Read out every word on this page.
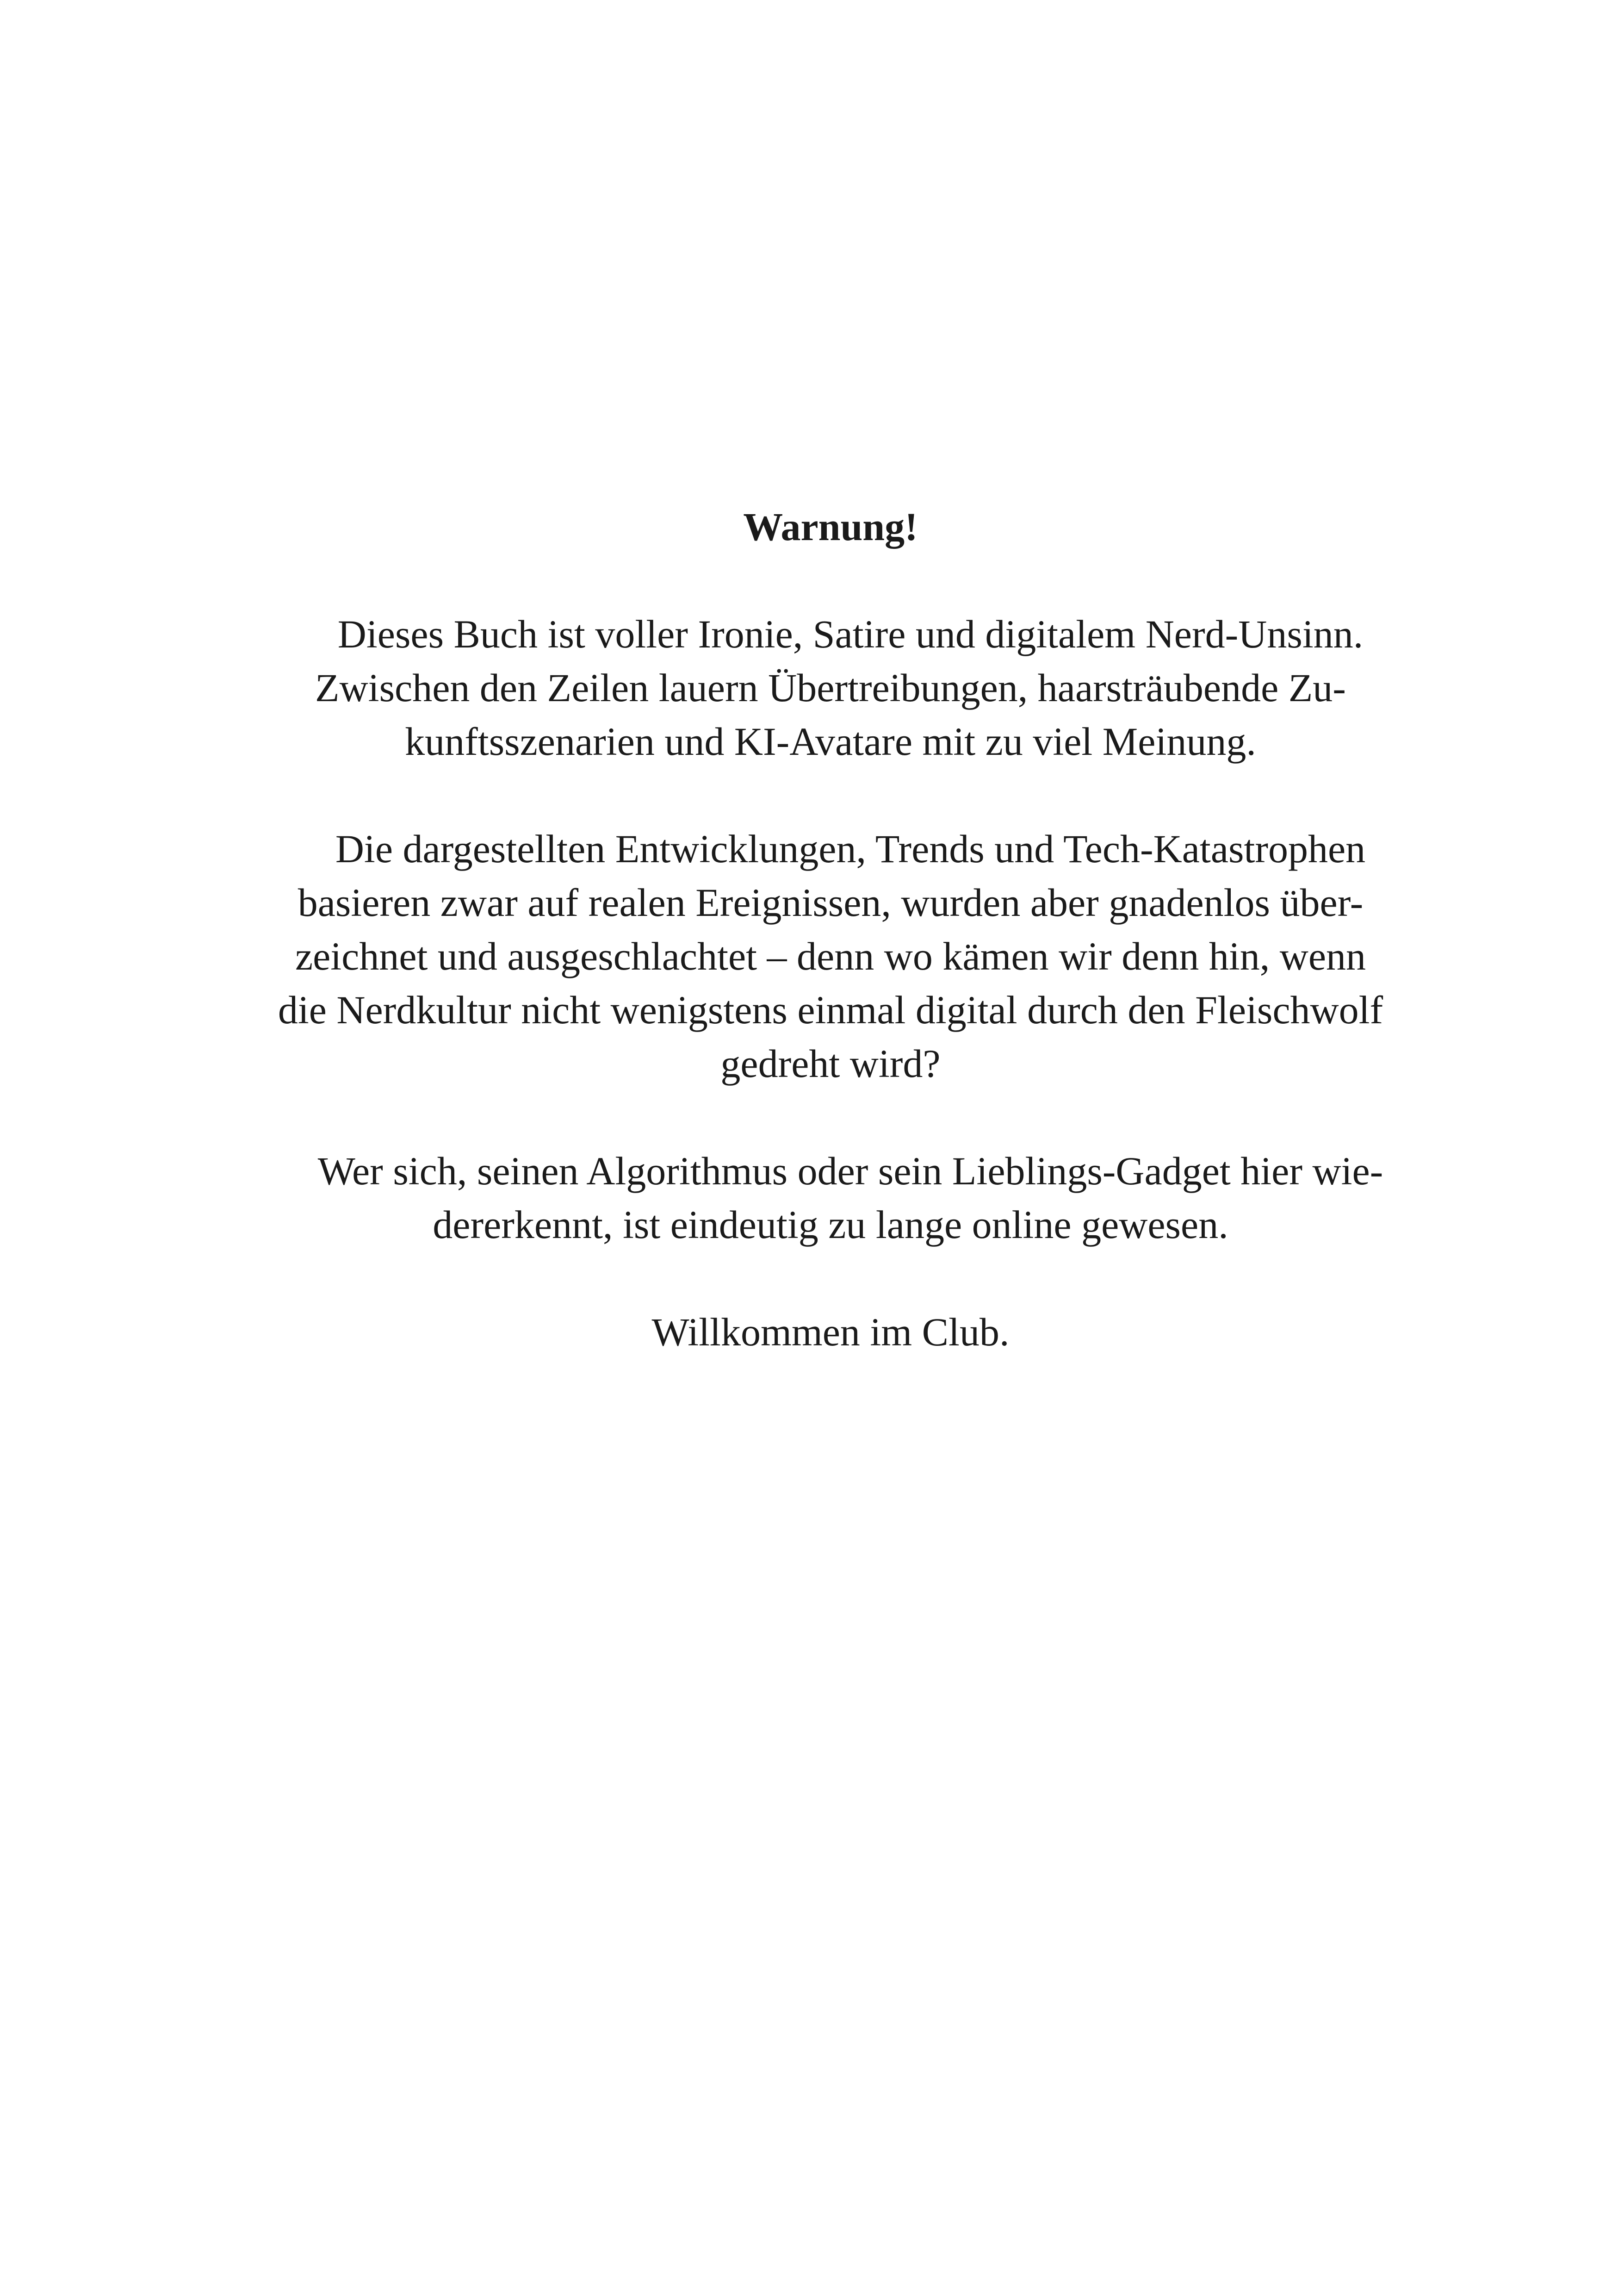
Warnung!
Dieses Buch ist voller Ironie, Satire und digitalem Nerd-Unsinn.
Zwischen den Zeilen lauern Übertreibungen, haarsträubende Zu-
kunftsszenarien und KI-Avatare mit zu viel Meinung.
Die dargestellten Entwicklungen, Trends und Tech-Katastrophen
basieren zwar auf realen Ereignissen, wurden aber gnadenlos über-
zeichnet und ausgeschlachtet – denn wo kämen wir denn hin, wenn
die Nerdkultur nicht wenigstens einmal digital durch den Fleischwolf
gedreht wird?
Wer sich, seinen Algorithmus oder sein Lieblings-Gadget hier wie-
dererkennt, ist eindeutig zu lange online gewesen.
Willkommen im Club.
